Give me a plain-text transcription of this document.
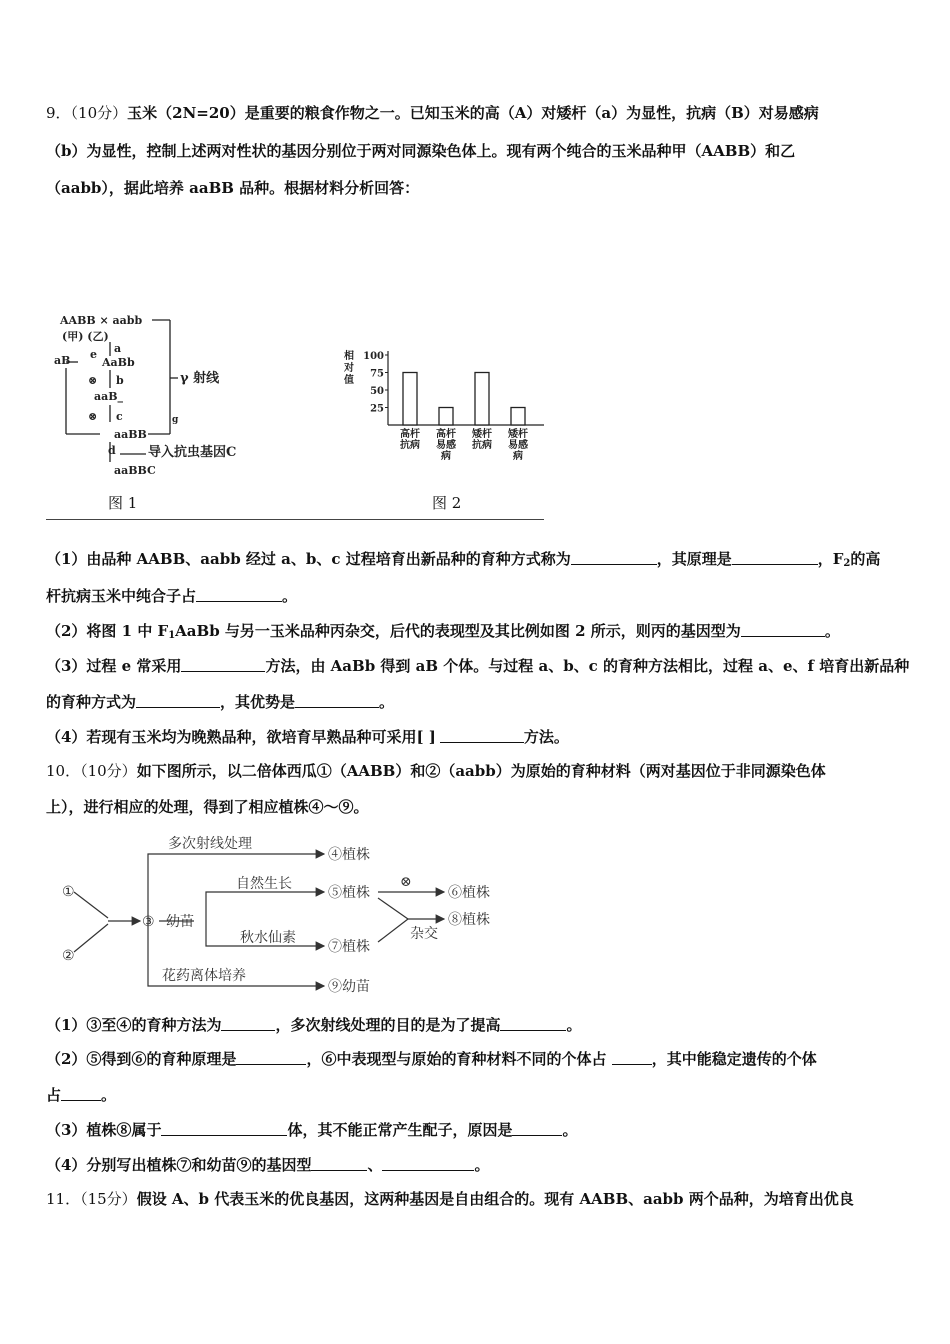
9．（10分）玉米（2N=20）是重要的粮食作物之一。已知玉米的高（A）对矮杆（a）为显性，抗病（B）对易感病
（b）为显性，控制上述两对性状的基因分别位于两对同源染色体上。现有两个纯合的玉米品种甲（AABB）和乙
（aabb），据此培养 aaBB 品种。根据材料分析回答：
AABB × aabb
(甲) (乙)
a
aB e
AaBb
⊗ b
aaB_
⊗ c
aaBB
d
aaBBC
γ 射线
导入抗虫基因C
g
相
对
值
25
50
75
100
高杆
抗病
高杆
易感
病
矮杆
抗病
矮杆
易感
病
图 1	图 2
（1）由品种 AABB、aabb 经过 a、b、c 过程培育出新品种的育种方式称为	，其原理是	，$F_2$的高
杆抗病玉米中纯合子占	。
（2）将图 1 中 $F_1AaBb$ 与另一玉米品种丙杂交，后代的表现型及其比例如图 2 所示，则丙的基因型为	。
（3）过程 e 常采用	方法，由 AaBb 得到 aB 个体。与过程 a、b、c 的育种方法相比，过程 a、e、f 培育出新品种
的育种方式为	，其优势是	。
（4）若现有玉米均为晚熟品种，欲培育早熟品种可采用[ ]	方法。
10．（10分）如下图所示，以二倍体西瓜①（AABB）和②（aabb）为原始的育种材料（两对基因位于非同源染色体
上），进行相应的处理，得到了相应植株④～⑨。
①
②
③ 幼苗
多次射线处理
④植株
自然生长
⑤植株
⊗
⑥植株
秋水仙素
⑦植株
杂交
⑧植株
花药离体培养
⑨幼苗
（1）③至④的育种方法为	，多次射线处理的目的是为了提高	。
（2）⑤得到⑥的育种原理是	，⑥中表现型与原始的育种材料不同的个体占	，其中能稳定遗传的个体
占	。
（3）植株⑧属于	体，其不能正常产生配子，原因是	。
（4）分别写出植株⑦和幼苗⑨的基因型	、	。
11．（15分）假设 A、b 代表玉米的优良基因，这两种基因是自由组合的。现有 AABB、aabb 两个品种，为培育出优良
